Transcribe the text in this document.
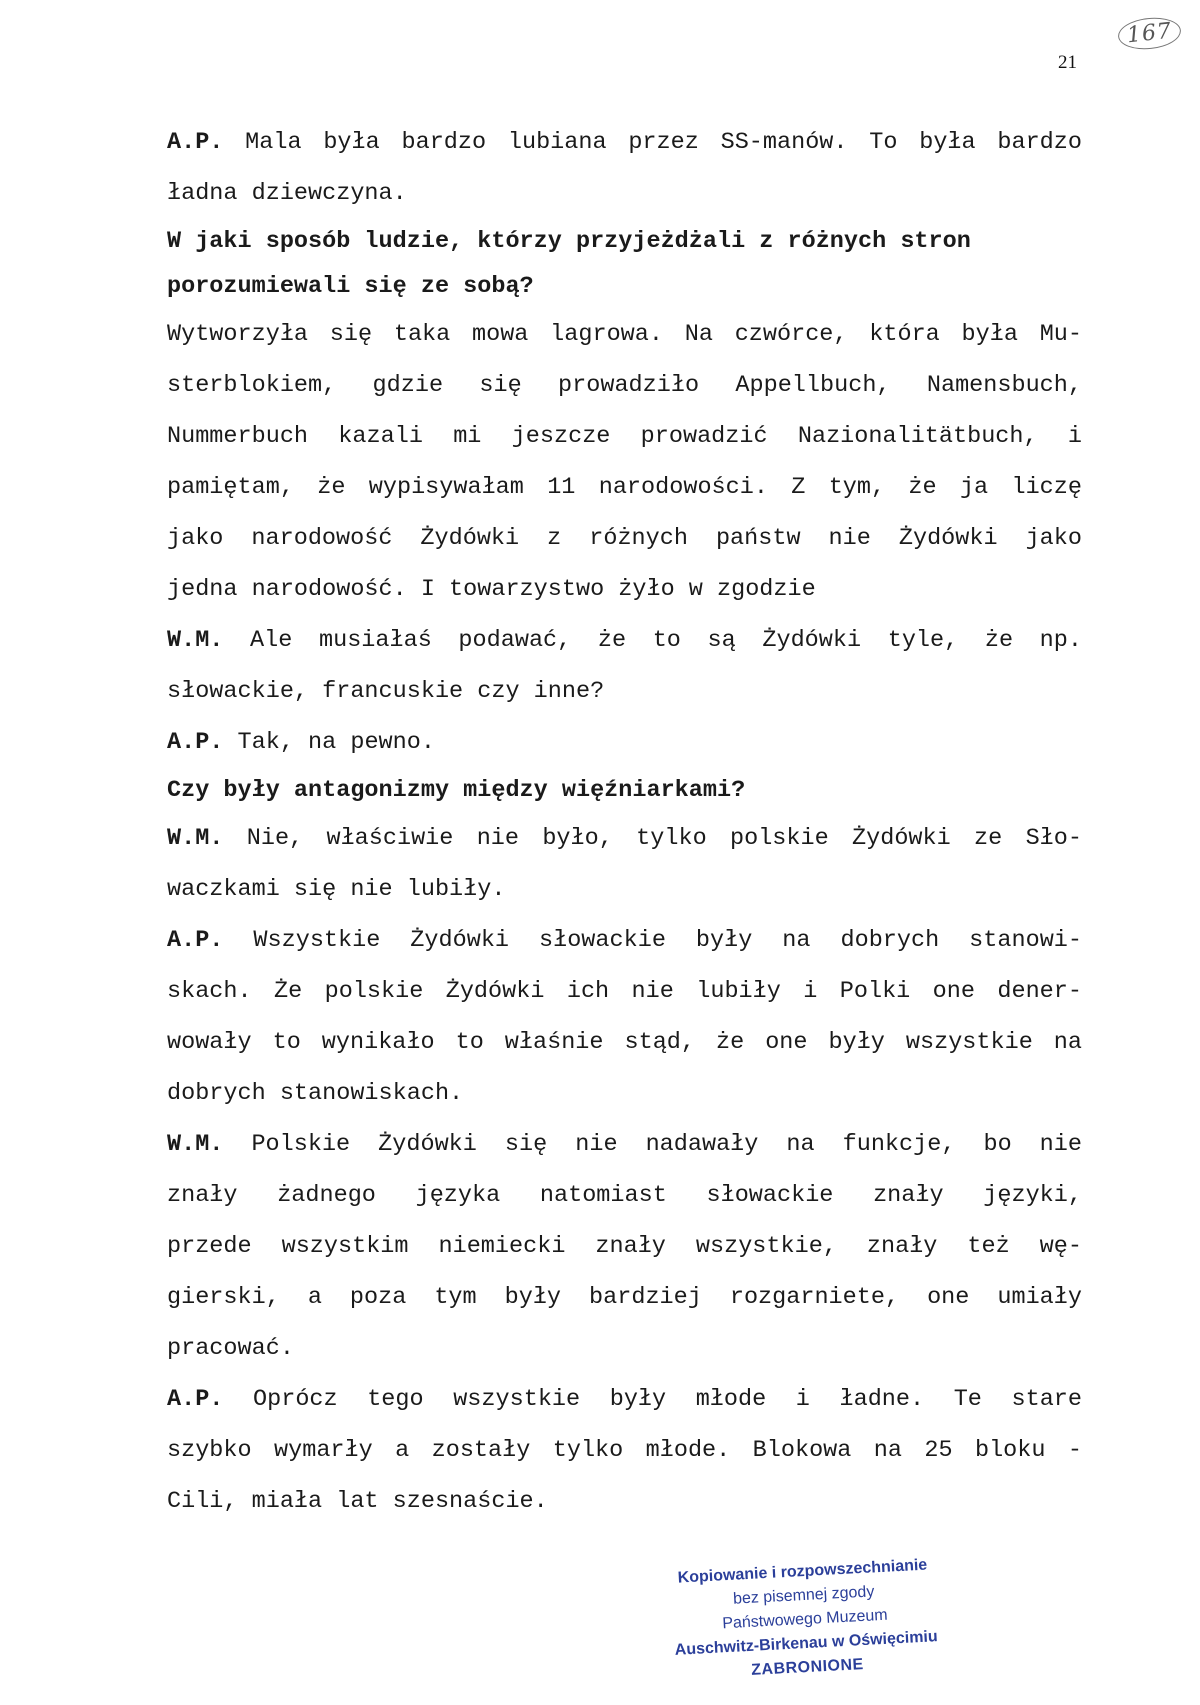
167
21
A.P. Mala była bardzo lubiana przez SS-manów. To była bardzo
ładna dziewczyna.
W jaki sposób ludzie, którzy przyjeżdżali z różnych stron
porozumiewali się ze sobą?
Wytworzyła się taka mowa lagrowa. Na czwórce, która była Mu-
sterblokiem, gdzie się prowadziło Appellbuch, Namensbuch,
Nummerbuch kazali mi jeszcze prowadzić Nazionalitätbuch, i
pamiętam, że wypisywałam 11 narodowości. Z tym, że ja liczę
jako narodowość Żydówki z różnych państw nie Żydówki jako
jedna narodowość. I towarzystwo żyło w zgodzie
W.M. Ale musiałaś podawać, że to są Żydówki tyle, że np.
słowackie, francuskie czy inne?
A.P. Tak, na pewno.
Czy były antagonizmy między więźniarkami?
W.M. Nie, właściwie nie było, tylko polskie Żydówki ze Sło-
waczkami się nie lubiły.
A.P. Wszystkie Żydówki słowackie były na dobrych stanowi-
skach. Że polskie Żydówki ich nie lubiły i Polki one dener-
wowały to wynikało to właśnie stąd, że one były wszystkie na
dobrych stanowiskach.
W.M. Polskie Żydówki się nie nadawały na funkcje, bo nie
znały żadnego języka natomiast słowackie znały języki,
przede wszystkim niemiecki znały wszystkie, znały też wę-
gierski, a poza tym były bardziej rozgarniete, one umiały
pracować.
A.P. Oprócz tego wszystkie były młode i ładne. Te stare
szybko wymarły a zostały tylko młode. Blokowa na 25 bloku -
Cili, miała lat szesnaście.
Kopiowanie i rozpowszechnianie
bez pisemnej zgody
Państwowego Muzeum
Auschwitz-Birkenau w Oświęcimiu
ZABRONIONE
